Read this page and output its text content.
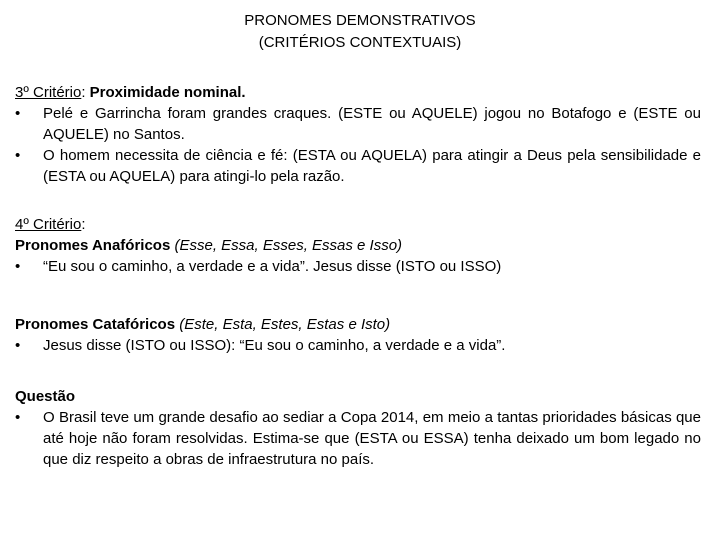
PRONOMES DEMONSTRATIVOS
(CRITÉRIOS CONTEXTUAIS)
3º Critério: Proximidade nominal.
• Pelé e Garrincha foram grandes craques. (ESTE ou AQUELE) jogou no Botafogo e (ESTE ou AQUELE) no Santos.
• O homem necessita de ciência e fé: (ESTA ou AQUELA) para atingir a Deus pela sensibilidade e (ESTA ou AQUELA) para atingi-lo pela razão.
4º Critério:
Pronomes Anafóricos (Esse, Essa, Esses, Essas e Isso)
• “Eu sou o caminho, a verdade e a vida”. Jesus disse (ISTO ou ISSO)
Pronomes Catafóricos (Este, Esta, Estes, Estas e Isto)
• Jesus disse (ISTO ou ISSO): “Eu sou o caminho, a verdade e a vida”.
Questão
• O Brasil teve um grande desafio ao sediar a Copa 2014, em meio a tantas prioridades básicas que até hoje não foram resolvidas. Estima-se que (ESTA ou ESSA) tenha deixado um bom legado no que diz respeito a obras de infraestrutura no país.
